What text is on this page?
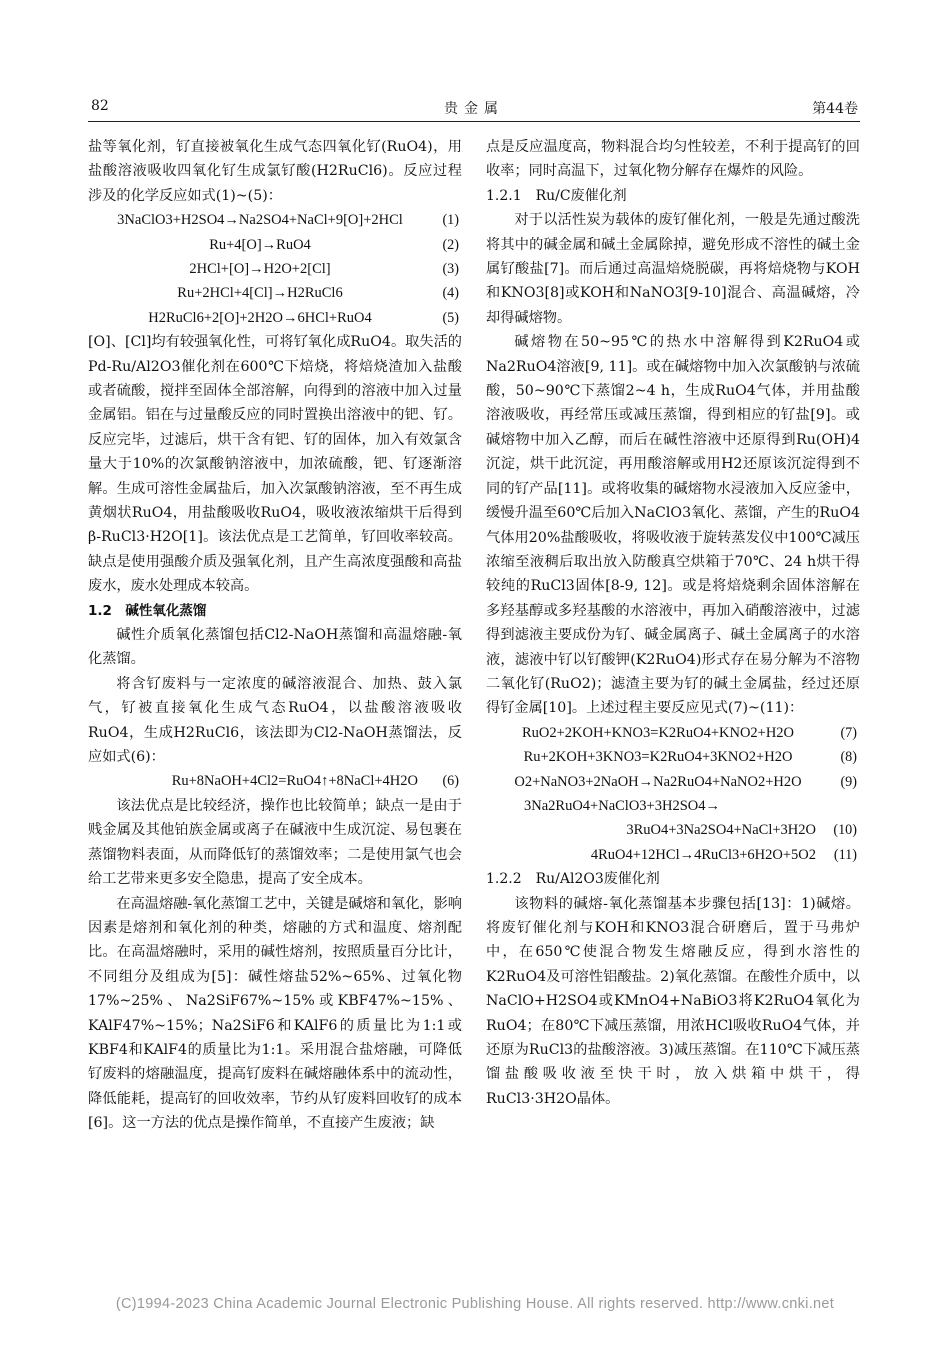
82	贵金属	第44卷
盐等氧化剂，钌直接被氧化生成气态四氧化钌(RuO4)，用盐酸溶液吸收四氧化钌生成氯钌酸(H2RuCl6)。反应过程涉及的化学反应如式(1)~(5)：
3NaClO3+H2SO4→Na2SO4+NaCl+9[O]+2HCl	(1)
Ru+4[O]→RuO4	(2)
2HCl+[O]→H2O+2[Cl]	(3)
Ru+2HCl+4[Cl]→H2RuCl6	(4)
H2RuCl6+2[O]+2H2O→6HCl+RuO4	(5)
[O]、[Cl]均有较强氧化性，可将钌氧化成RuO4。取失活的Pd-Ru/Al2O3催化剂在600℃下焙烧，将焙烧渣加入盐酸或者硫酸，搅拌至固体全部溶解，向得到的溶液中加入过量金属铝。铝在与过量酸反应的同时置换出溶液中的钯、钌。反应完毕，过滤后，烘干含有钯、钌的固体，加入有效氯含量大于10%的次氯酸钠溶液中，加浓硫酸，钯、钌逐渐溶解。生成可溶性金属盐后，加入次氯酸钠溶液，至不再生成黄烟状RuO4，用盐酸吸收RuO4，吸收液浓缩烘干后得到β-RuCl3·H2O[1]。该法优点是工艺简单，钌回收率较高。缺点是使用强酸介质及强氧化剂，且产生高浓度强酸和高盐废水，废水处理成本较高。
1.2　碱性氧化蒸馏
碱性介质氧化蒸馏包括Cl2-NaOH蒸馏和高温熔融-氧化蒸馏。
将含钌废料与一定浓度的碱溶液混合、加热、鼓入氯气，钌被直接氧化生成气态RuO4，以盐酸溶液吸收RuO4，生成H2RuCl6，该法即为Cl2-NaOH蒸馏法，反应如式(6)：
Ru+8NaOH+4Cl2=RuO4↑+8NaCl+4H2O (6)
该法优点是比较经济，操作也比较简单；缺点一是由于贱金属及其他铂族金属或离子在碱液中生成沉淀、易包裹在蒸馏物料表面，从而降低钌的蒸馏效率；二是使用氯气也会给工艺带来更多安全隐患，提高了安全成本。
在高温熔融-氧化蒸馏工艺中，关键是碱熔和氧化，影响因素是熔剂和氧化剂的种类，熔融的方式和温度、熔剂配比。在高温熔融时，采用的碱性熔剂，按照质量百分比计，不同组分及组成为[5]：碱性熔盐52%~65%、过氧化物17%~25%、Na2SiF67%~15%或KBF47%~15%、KAlF47%~15%；Na2SiF6和KAlF6的质量比为1:1或KBF4和KAlF4的质量比为1:1。采用混合盐熔融，可降低钌废料的熔融温度，提高钌废料在碱熔融体系中的流动性，降低能耗，提高钌的回收效率，节约从钌废料回收钌的成本[6]。这一方法的优点是操作简单，不直接产生废液；缺
点是反应温度高，物料混合均匀性较差，不利于提高钌的回收率；同时高温下，过氧化物分解存在爆炸的风险。
1.2.1　Ru/C废催化剂
对于以活性炭为载体的废钌催化剂，一般是先通过酸洗将其中的碱金属和碱土金属除掉，避免形成不溶性的碱土金属钌酸盐[7]。而后通过高温焙烧脱碳，再将焙烧物与KOH和KNO3[8]或KOH和NaNO3[9-10]混合、高温碱熔，冷却得碱熔物。
碱熔物在50~95℃的热水中溶解得到K2RuO4或Na2RuO4溶液[9, 11]。或在碱熔物中加入次氯酸钠与浓硫酸，50~90℃下蒸馏2~4 h，生成RuO4气体，并用盐酸溶液吸收，再经常压或减压蒸馏，得到相应的钌盐[9]。或碱熔物中加入乙醇，而后在碱性溶液中还原得到Ru(OH)4沉淀，烘干此沉淀，再用酸溶解或用H2还原该沉淀得到不同的钌产品[11]。或将收集的碱熔物水浸液加入反应釜中，缓慢升温至60℃后加入NaClO3氧化、蒸馏，产生的RuO4气体用20%盐酸吸收，将吸收液于旋转蒸发仪中100℃减压浓缩至液稠后取出放入防酸真空烘箱于70℃、24 h烘干得较纯的RuCl3固体[8-9, 12]。或是将焙烧剩余固体溶解在多羟基醇或多羟基酸的水溶液中，再加入硝酸溶液中，过滤得到滤液主要成份为钌、碱金属离子、碱土金属离子的水溶液，滤液中钌以钌酸钾(K2RuO4)形式存在易分解为不溶物二氧化钌(RuO2)；滤渣主要为钌的碱土金属盐，经过还原得钌金属[10]。上述过程主要反应见式(7)~(11)：
RuO2+2KOH+KNO3=K2RuO4+KNO2+H2O	(7)
Ru+2KOH+3KNO3=K2RuO4+3KNO2+H2O	(8)
O2+NaNO3+2NaOH→Na2RuO4+NaNO2+H2O	(9)
3Na2RuO4+NaClO3+3H2SO4→
3RuO4+3Na2SO4+NaCl+3H2O (10)
4RuO4+12HCl→4RuCl3+6H2O+5O2 (11)
1.2.2　Ru/Al2O3废催化剂
该物料的碱熔-氧化蒸馏基本步骤包括[13]：1)碱熔。将废钌催化剂与KOH和KNO3混合研磨后，置于马弗炉中，在650℃使混合物发生熔融反应，得到水溶性的K2RuO4及可溶性铝酸盐。2)氧化蒸馏。在酸性介质中，以NaClO+H2SO4或KMnO4+NaBiO3将K2RuO4氧化为RuO4；在80℃下减压蒸馏，用浓HCl吸收RuO4气体，并还原为RuCl3的盐酸溶液。3)减压蒸馏。在110℃下减压蒸馏盐酸吸收液至快干时，放入烘箱中烘干，得RuCl3·3H2O晶体。
(C)1994-2023 China Academic Journal Electronic Publishing House. All rights reserved. http://www.cnki.net
